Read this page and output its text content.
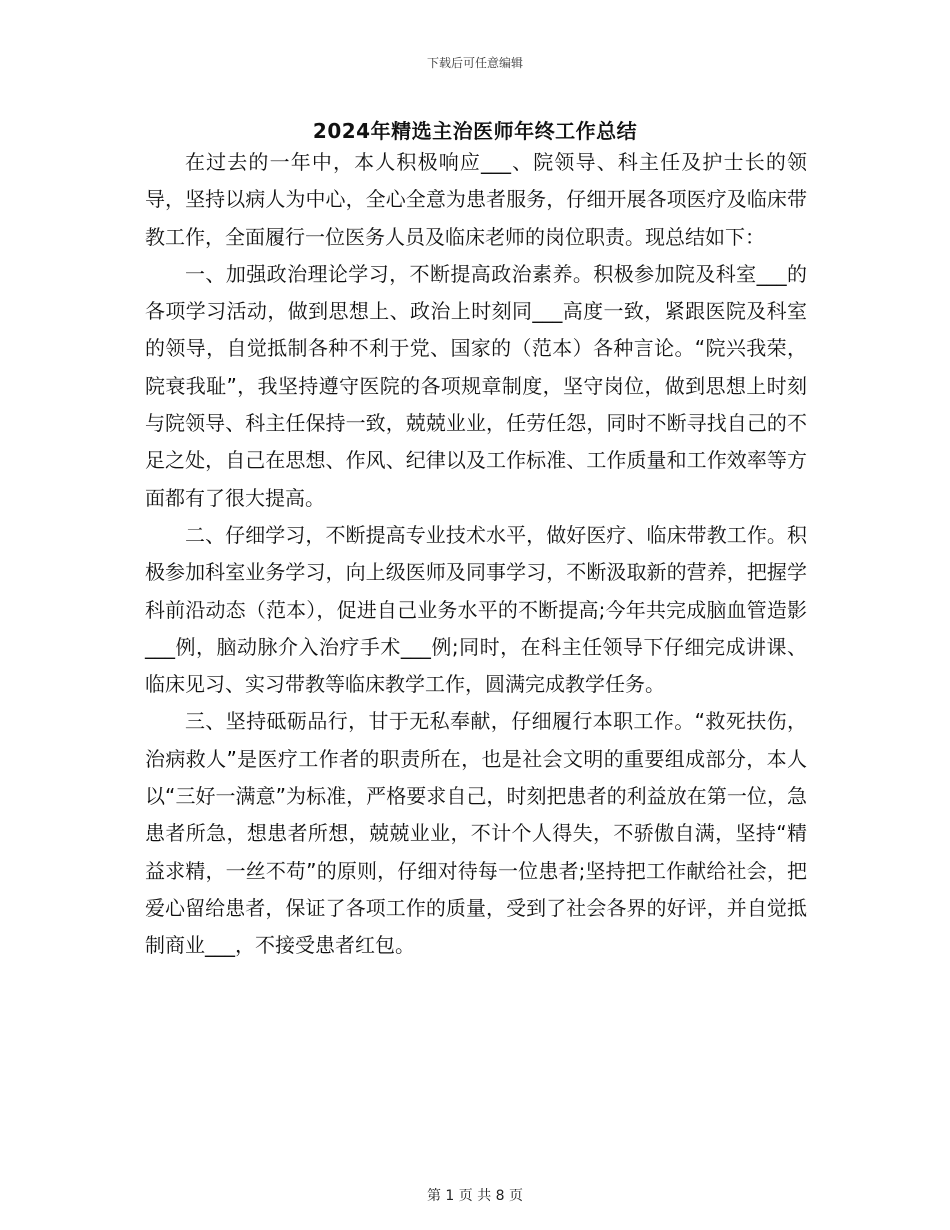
下载后可任意编辑
2024年精选主治医师年终工作总结

在过去的一年中，本人积极响应___、院领导、科主任及护士长的领导，坚持以病人为中心，全心全意为患者服务，仔细开展各项医疗及临床带教工作，全面履行一位医务人员及临床老师的岗位职责。现总结如下：

一、加强政治理论学习，不断提高政治素养。积极参加院及科室___的各项学习活动，做到思想上、政治上时刻同___高度一致，紧跟医院及科室的领导，自觉抵制各种不利于党、国家的（范本）各种言论。“院兴我荣，院衰我耻”，我坚持遵守医院的各项规章制度，坚守岗位，做到思想上时刻与院领导、科主任保持一致，兢兢业业，任劳任怨，同时不断寻找自己的不足之处，自己在思想、作风、纪律以及工作标准、工作质量和工作效率等方面都有了很大提高。

二、仔细学习，不断提高专业技术水平，做好医疗、临床带教工作。积极参加科室业务学习，向上级医师及同事学习，不断汲取新的营养，把握学科前沿动态（范本），促进自己业务水平的不断提高;今年共完成脑血管造影___例，脑动脉介入治疗手术___例;同时，在科主任领导下仔细完成讲课、临床见习、实习带教等临床教学工作，圆满完成教学任务。

三、坚持砥砺品行，甘于无私奉献，仔细履行本职工作。“救死扶伤，治病救人”是医疗工作者的职责所在，也是社会文明的重要组成部分，本人以“三好一满意”为标准，严格要求自己，时刻把患者的利益放在第一位，急患者所急，想患者所想，兢兢业业，不计个人得失，不骄傲自满，坚持“精益求精，一丝不苟”的原则，仔细对待每一位患者;坚持把工作献给社会，把爱心留给患者，保证了各项工作的质量，受到了社会各界的好评，并自觉抵制商业___，不接受患者红包。

第 1 页 共 8 页
